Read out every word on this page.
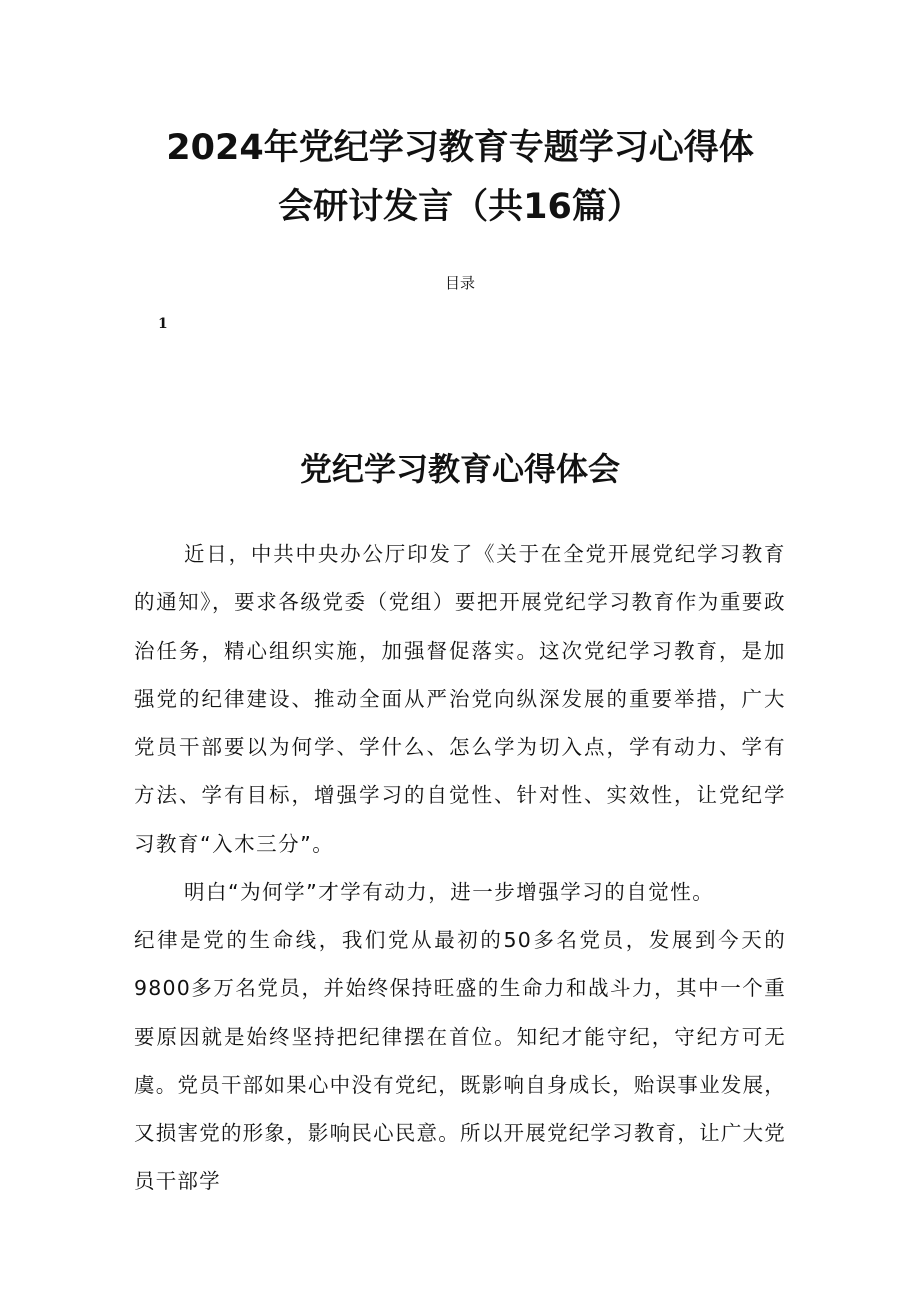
2024年党纪学习教育专题学习心得体
会研讨发言（共16篇）
目录
1
党纪学习教育心得体会

近日，中共中央办公厅印发了《关于在全党开展党纪学习教育的通知》，要求各级党委（党组）要把开展党纪学习教育作为重要政治任务，精心组织实施，加强督促落实。这次党纪学习教育，是加强党的纪律建设、推动全面从严治党向纵深发展的重要举措，广大党员干部要以为何学、学什么、怎么学为切入点，学有动力、学有方法、学有目标，增强学习的自觉性、针对性、实效性，让党纪学习教育“入木三分”。

明白“为何学”才学有动力，进一步增强学习的自觉性。

纪律是党的生命线，我们党从最初的50多名党员，发展到今天的9800多万名党员，并始终保持旺盛的生命力和战斗力，其中一个重要原因就是始终坚持把纪律摆在首位。知纪才能守纪，守纪方可无虞。党员干部如果心中没有党纪，既影响自身成长，贻误事业发展，又损害党的形象，影响民心民意。所以开展党纪学习教育，让广大党员干部学
